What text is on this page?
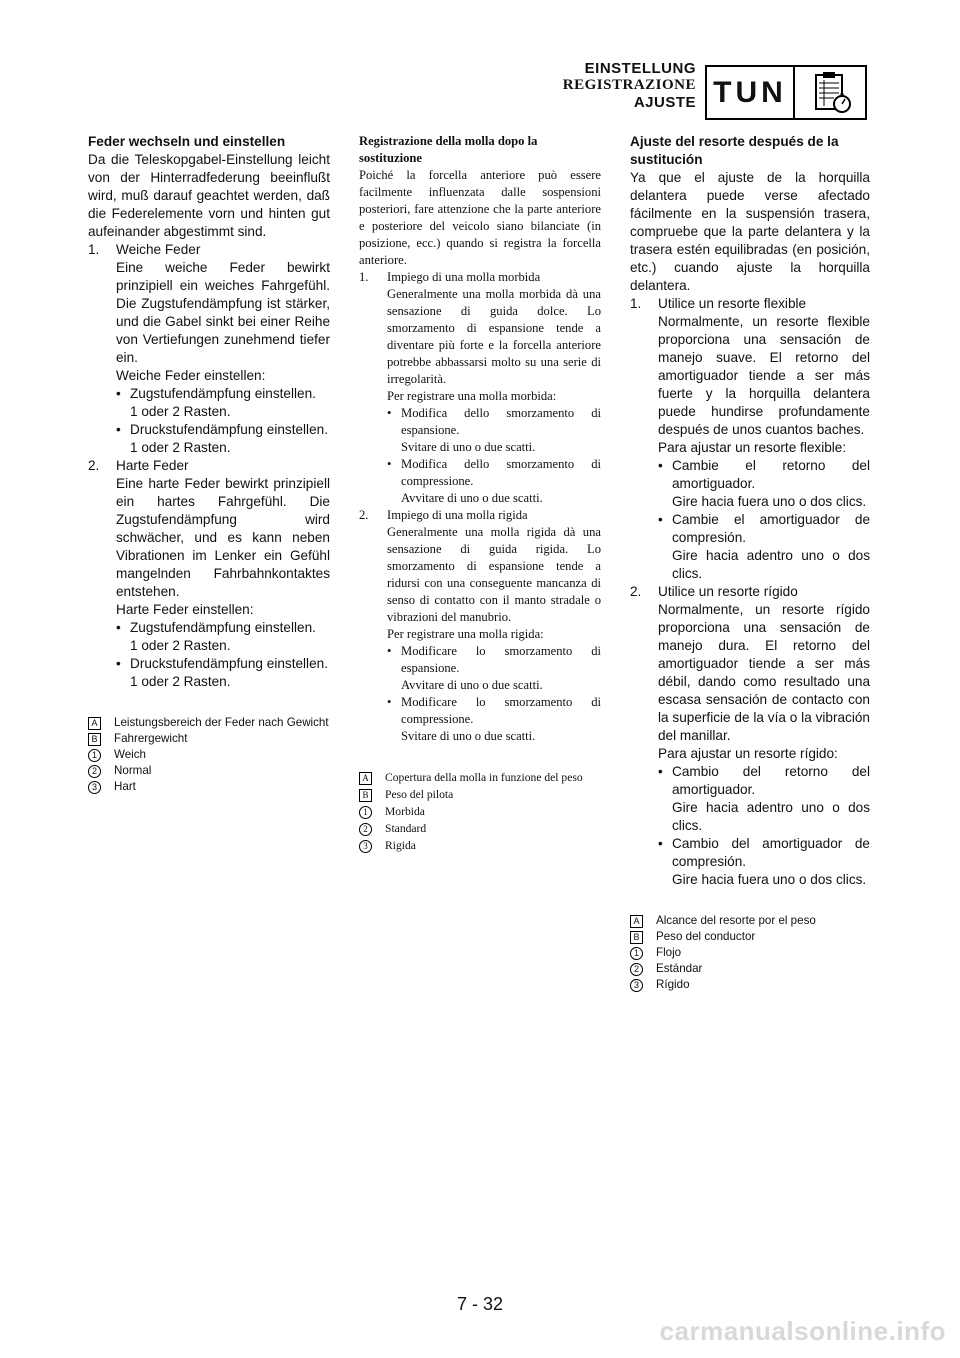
EINSTELLUNG
REGISTRAZIONE
AJUSTE TUN

Feder wechseln und einstellen

Da die Teleskopgabel-Einstellung leicht von der Hinterradfederung beeinflußt wird, muß darauf geachtet werden, daß die Federelemente vorn und hinten gut aufeinander abgestimmt sind.

1.	Weiche Feder

Eine weiche Feder bewirkt prinzipiell ein weiches Fahrgefühl. Die Zugstufendämpfung ist stärker, und die Gabel sinkt bei einer Reihe von Vertiefungen zunehmend tiefer ein.

Weiche Feder einstellen:

• Zugstufendämpfung einstellen.

1 oder 2 Rasten.

• Druckstufendämpfung einstellen.

1 oder 2 Rasten.

2.	Harte Feder

Eine harte Feder bewirkt prinzipiell ein hartes Fahrgefühl. Die Zugstufendämpfung wird schwächer, und es kann neben Vibrationen im Lenker ein Gefühl mangelnden Fahrbahnkontaktes entstehen.

Harte Feder einstellen:

• Zugstufendämpfung einstellen.

1 oder 2 Rasten.

• Druckstufendämpfung einstellen.

1 oder 2 Rasten.

A	Leistungsbereich der Feder nach Gewicht
B	Fahrergewicht
1	Weich
2	Normal
3	Hart

Registrazione della molla dopo la sostituzione

Poiché la forcella anteriore può essere facilmente influenzata dalle sospensioni posteriori, fare attenzione che la parte anteriore e posteriore del veicolo siano bilanciate (in posizione, ecc.) quando si registra la forcella anteriore.

1.	Impiego di una molla morbida

Generalmente una molla morbida dà una sensazione di guida dolce. Lo smorzamento di espansione tende a diventare più forte e la forcella anteriore potrebbe abbassarsi molto su una serie di irregolarità.

Per registrare una molla morbida:

• Modifica dello smorzamento di espansione.

Svitare di uno o due scatti.

• Modifica dello smorzamento di compressione.

Avvitare di uno o due scatti.

2.	Impiego di una molla rigida

Generalmente una molla rigida dà una sensazione di guida rigida. Lo smorzamento di espansione tende a ridursi con una conseguente mancanza di senso di contatto con il manto stradale o vibrazioni del manubrio.

Per registrare una molla rigida:

• Modificare lo smorzamento di espansione.

Avvitare di uno o due scatti.

• Modificare lo smorzamento di compressione.

Svitare di uno o due scatti.

A	Copertura della molla in funzione del peso
B	Peso del pilota
1	Morbida
2	Standard
3	Rigida

Ajuste del resorte después de la sustitución

Ya que el ajuste de la horquilla delantera puede verse afectado fácilmente en la suspensión trasera, compruebe que la parte delantera y la trasera estén equilibradas (en posición, etc.) cuando ajuste la horquilla delantera.

1.	Utilice un resorte flexible

Normalmente, un resorte flexible proporciona una sensación de manejo suave. El retorno del amortiguador tiende a ser más fuerte y la horquilla delantera puede hundirse profundamente después de unos cuantos baches.

Para ajustar un resorte flexible:

• Cambie el retorno del amortiguador.

Gire hacia fuera uno o dos clics.

• Cambie el amortiguador de compresión.

Gire hacia adentro uno o dos clics.

2.	Utilice un resorte rígido

Normalmente, un resorte rígido proporciona una sensación de manejo dura. El retorno del amortiguador tiende a ser más débil, dando como resultado una escasa sensación de contacto con la superficie de la vía o la vibración del manillar.

Para ajustar un resorte rígido:

• Cambio del retorno del amortiguador.

Gire hacia adentro uno o dos clics.

• Cambio del amortiguador de compresión.

Gire hacia fuera uno o dos clics.

A	Alcance del resorte por el peso
B	Peso del conductor
1	Flojo
2	Estándar
3	Rígido
7 - 32
carmanualsonline.info
